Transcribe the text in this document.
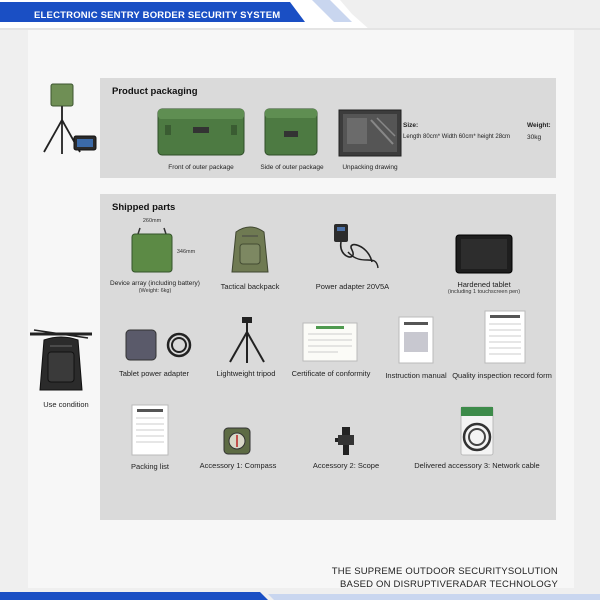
ELECTRONIC SENTRY BORDER SECURITY SYSTEM
Product packaging
Front of outer package	Side of outer package	Unpacking drawing
Size:
Length 80cm* Width 60cm* height 28cm
Weight:
30kg
Shipped parts
260mm
346mm
Device array (including battery)
(Weight: 6kg)	Tactical backpack	Power adapter 20V5A	Hardened tablet
(including 1 touchscreen pen)
Tablet power adapter	Lightweight tripod	Certificate of conformity	Instruction manual Quality inspection record form
Packing list	Accessory 1: Compass	Accessory 2: Scope	Delivered accessory 3: Network cable
Use condition
THE SUPREME OUTDOOR SECURITYSOLUTION
BASED ON DISRUPTIVERADAR TECHNOLOGY
